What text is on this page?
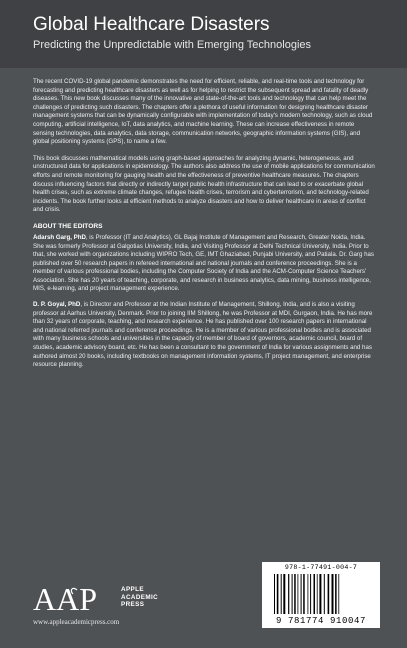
Global Healthcare Disasters
Predicting the Unpredictable with Emerging Technologies

The recent COVID-19 global pandemic demonstrates the need for efficient, reliable, and real-time tools and technology for forecasting and predicting healthcare disasters as well as for helping to restrict the subsequent spread and fatality of deadly diseases. This new book discusses many of the innovative and state-of-the-art tools and technology that can help meet the challenges of predicting such disasters. The chapters offer a plethora of useful information for designing healthcare disaster management systems that can be dynamically configurable with implementation of today's modern technology, such as cloud computing, artificial intelligence, IoT, data analytics, and machine learning. These can increase effectiveness in remote sensing technologies, data analytics, data storage, communication networks, geographic information systems (GIS), and global positioning systems (GPS), to name a few.

This book discusses mathematical models using graph-based approaches for analyzing dynamic, heterogeneous, and unstructured data for applications in epidemiology. The authors also address the use of mobile applications for communication efforts and remote monitoring for gauging health and the effectiveness of preventive healthcare measures. The chapters discuss influencing factors that directly or indirectly target public health infrastructure that can lead to or exacerbate global health crises, such as extreme climate changes, refugee health crises, terrorism and cyberterrorism, and technology-related incidents. The book further looks at efficient methods to analyze disasters and how to deliver healthcare in areas of conflict and crisis.

ABOUT THE EDITORS

Adarsh Garg, PhD, is Professor (IT and Analytics), GL Bajaj Institute of Management and Research, Greater Noida, India. She was formerly Professor at Galgotias University, India, and Visiting Professor at Delhi Technical University, India. Prior to that, she worked with organizations including WIPRO Tech, GE, IMT Ghaziabad, Punjabi University, and Patiala. Dr. Garg has published over 50 research papers in refereed international and national journals and conference proceedings. She is a member of various professional bodies, including the Computer Society of India and the ACM-Computer Science Teachers' Association. She has 20 years of teaching, corporate, and research in business analytics, data mining, business intelligence, MIS, e-learning, and project management experience.

D. P. Goyal, PhD, is Director and Professor at the Indian Institute of Management, Shillong, India, and is also a visiting professor at Aarhus University, Denmark. Prior to joining IIM Shillong, he was Professor at MDI, Gurgaon, India. He has more than 32 years of corporate, teaching, and research experience. He has published over 100 research papers in international and national referred journals and conference proceedings. He is a member of various professional bodies and is associated with many business schools and universities in the capacity of member of board of governors, academic council, board of studies, academic advisory board, etc. He has been a consultant to the government of India for various assignments and has authored almost 20 books, including textbooks on management information systems, IT project management, and enterprise resource planning.

AAP	APPLE
ACADEMIC
PRESS
www.appleacademicpress.com
978-1-77491-004-7
9 781774 910047
